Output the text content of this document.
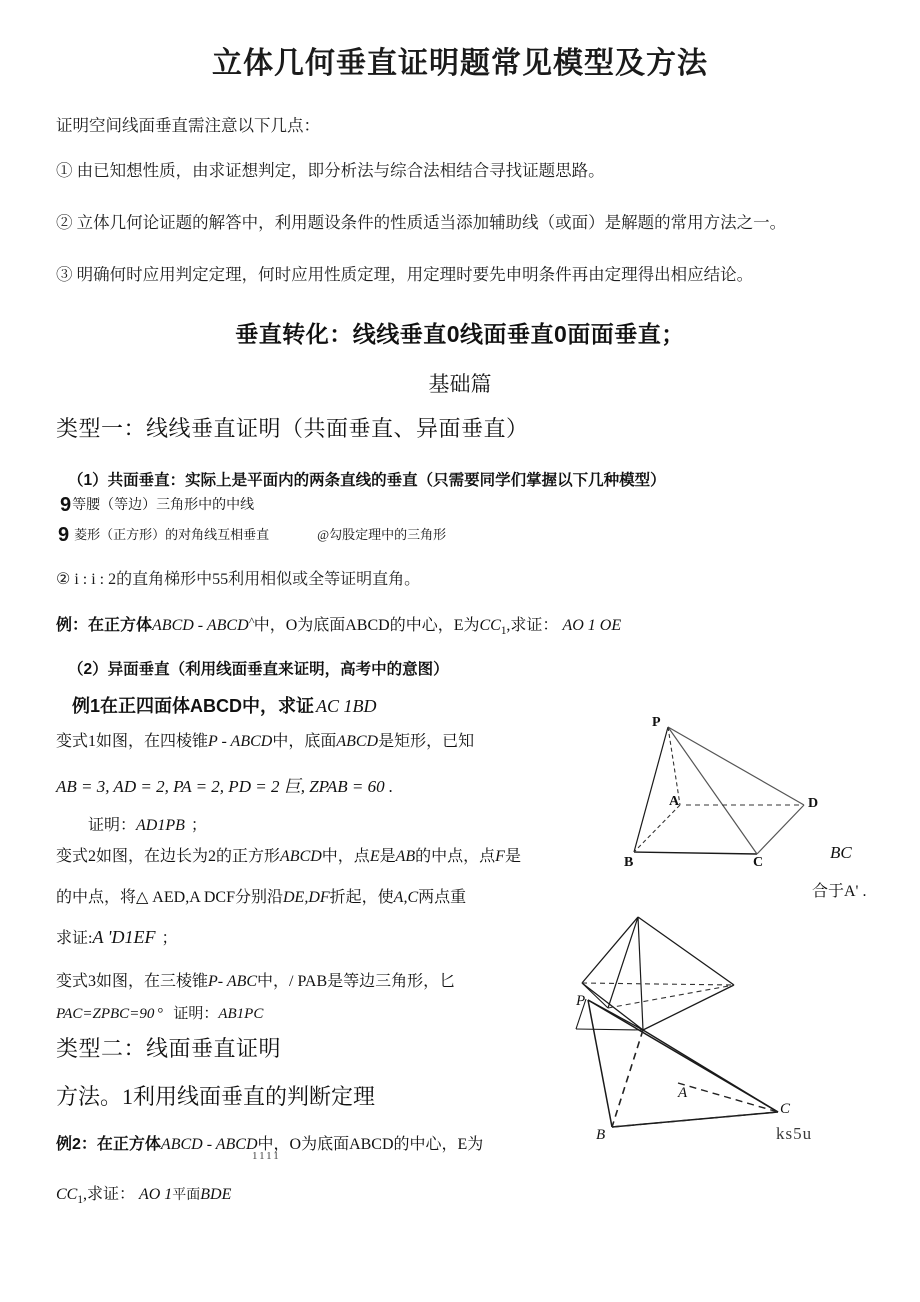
立体几何垂直证明题常见模型及方法
证明空间线面垂直需注意以下几点：
① 由已知想性质，由求证想判定，即分析法与综合法相结合寻找证题思路。
② 立体几何论证题的解答中，利用题设条件的性质适当添加辅助线（或面）是解题的常用方法之一。
③ 明确何时应用判定定理，何时应用性质定理，用定理时要先申明条件再由定理得出相应结论。
垂直转化：线线垂直0线面垂直0面面垂直；
基础篇
类型一：线线垂直证明（共面垂直、异面垂直）
（1）共面垂直：实际上是平面内的两条直线的垂直（只需要同学们掌握以下几种模型）
9等腰（等边）三角形中的中线
9 菱形（正方形）的对角线互相垂直	@勾股定理中的三角形
② i : i : 2的直角梯形中55利用相似或全等证明直角。
例：在正方体ABCD - ABCD^中，O为底面ABCD的中心，E为$CC_1$,求证： AO 1 OE
（2）异面垂直（利用线面垂直来证明，高考中的意图）
例1在正四面体ABCD中，求证 AC 1BD
变式1如图，在四棱锥P - ABCD中，底面ABCD是矩形，已知
AB = 3, AD = 2, PA = 2, PD = 2 巨, ZPAB = 60 .
证明：AD1PB ；
变式2如图，在边长为2的正方形ABCD中，点E是AB的中点，点F是	BC
的中点，将△ AED,A DCF分别沿DE,DF折起，使A,C两点重	合于A' .
求证:A 'D1EF ；
变式3如图，在三棱锥P- ABC中，/ PAB是等边三角形，匕
PAC=ZPBC=90 ° 证明：AB1PC
类型二：线面垂直证明
方法。1利用线面垂直的判断定理
例2：在正方体ABCD - ABCD中，O为底面ABCD的中心，E为
1111
$CC_1$,求证： AO 1平面BDE
P
A
B	C
D
P
A
B
C
ks5u
